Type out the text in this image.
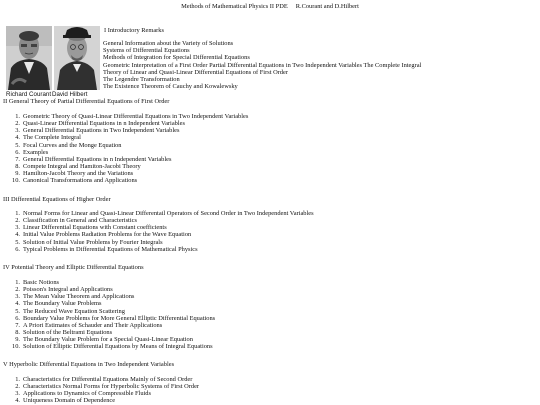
Methods of Mathematical Physics II PDE R.Courant and D.Hilbert
Richard Courant David Hilbert
I Introductory Remarks
General Information about the Variety of Solutions
Systems of Differential Equations
Methods of Integration for Special Differential Equations
Geometric Interpretation of a First Order Partial Differential Equations in Two Independent Variables The Complete Integral
Theory of Linear and Quasi-Linear Differential Equations of First Order
The Legendre Transformation
The Existence Theorem of Cauchy and Kowalewsky
II General Theory of Partial Differential Equations of First Order
1. Geometric Theory of Quasi-Linear Differential Equations in Two Independent Variables
2. Quasi-Linear Differential Equations in n Independent Variables
3. General Differential Equations in Two Independent Variables
4. The Complete Integral
5. Focal Curves and the Monge Equation
6. Examples
7. General Differential Equations in n Independent Variables
8. Compete Integral and Hamiton-Jacobi Theory
9. Hamilton-Jacobi Theory and the Variations
10. Canonical Transformations and Applications
III Differential Equations of Higher Order
1. Normal Forms for Linear and Quasi-Linear Differentail Operators of Second Order in Two Independent Variables
2. Classification in General and Characteristics
3. Linear Differential Equations with Constant coefficients
4. Initial Value Problems Radiation Problems for the Wave Equation
5. Solution of Initial Value Problems by Fourier Integrals
6. Typical Problems in Differential Equations of Mathematical Physics
IV Potential Theory and Elliptic Differential Equations
1. Basic Notions
2. Poisson's Integral and Applications
3. The Mean Value Theorem and Applications
4. The Boundary Value Problems
5. The Reduced Wave Equation Scattering
6. Boundary Value Problems for More General Elliptic Differential Equations
7. A Priori Estimates of Schauder and Their Applications
8. Solution of the Beltrami Equations
9. The Boundary Value Problem for a Special Quasi-Linear Equation
10. Solution of Elliptic Differential Equations by Means of Integral Equations
V Hyperbolic Differential Equations in Two Independent Variables
1. Characteristics for Differential Equations Mainly of Second Order
2. Characteristics Normal Forms for Hyperbolic Systems of First Order
3. Applications to Dynamics of Compressible Fluids
4. Uniqueness Domain of Dependence
